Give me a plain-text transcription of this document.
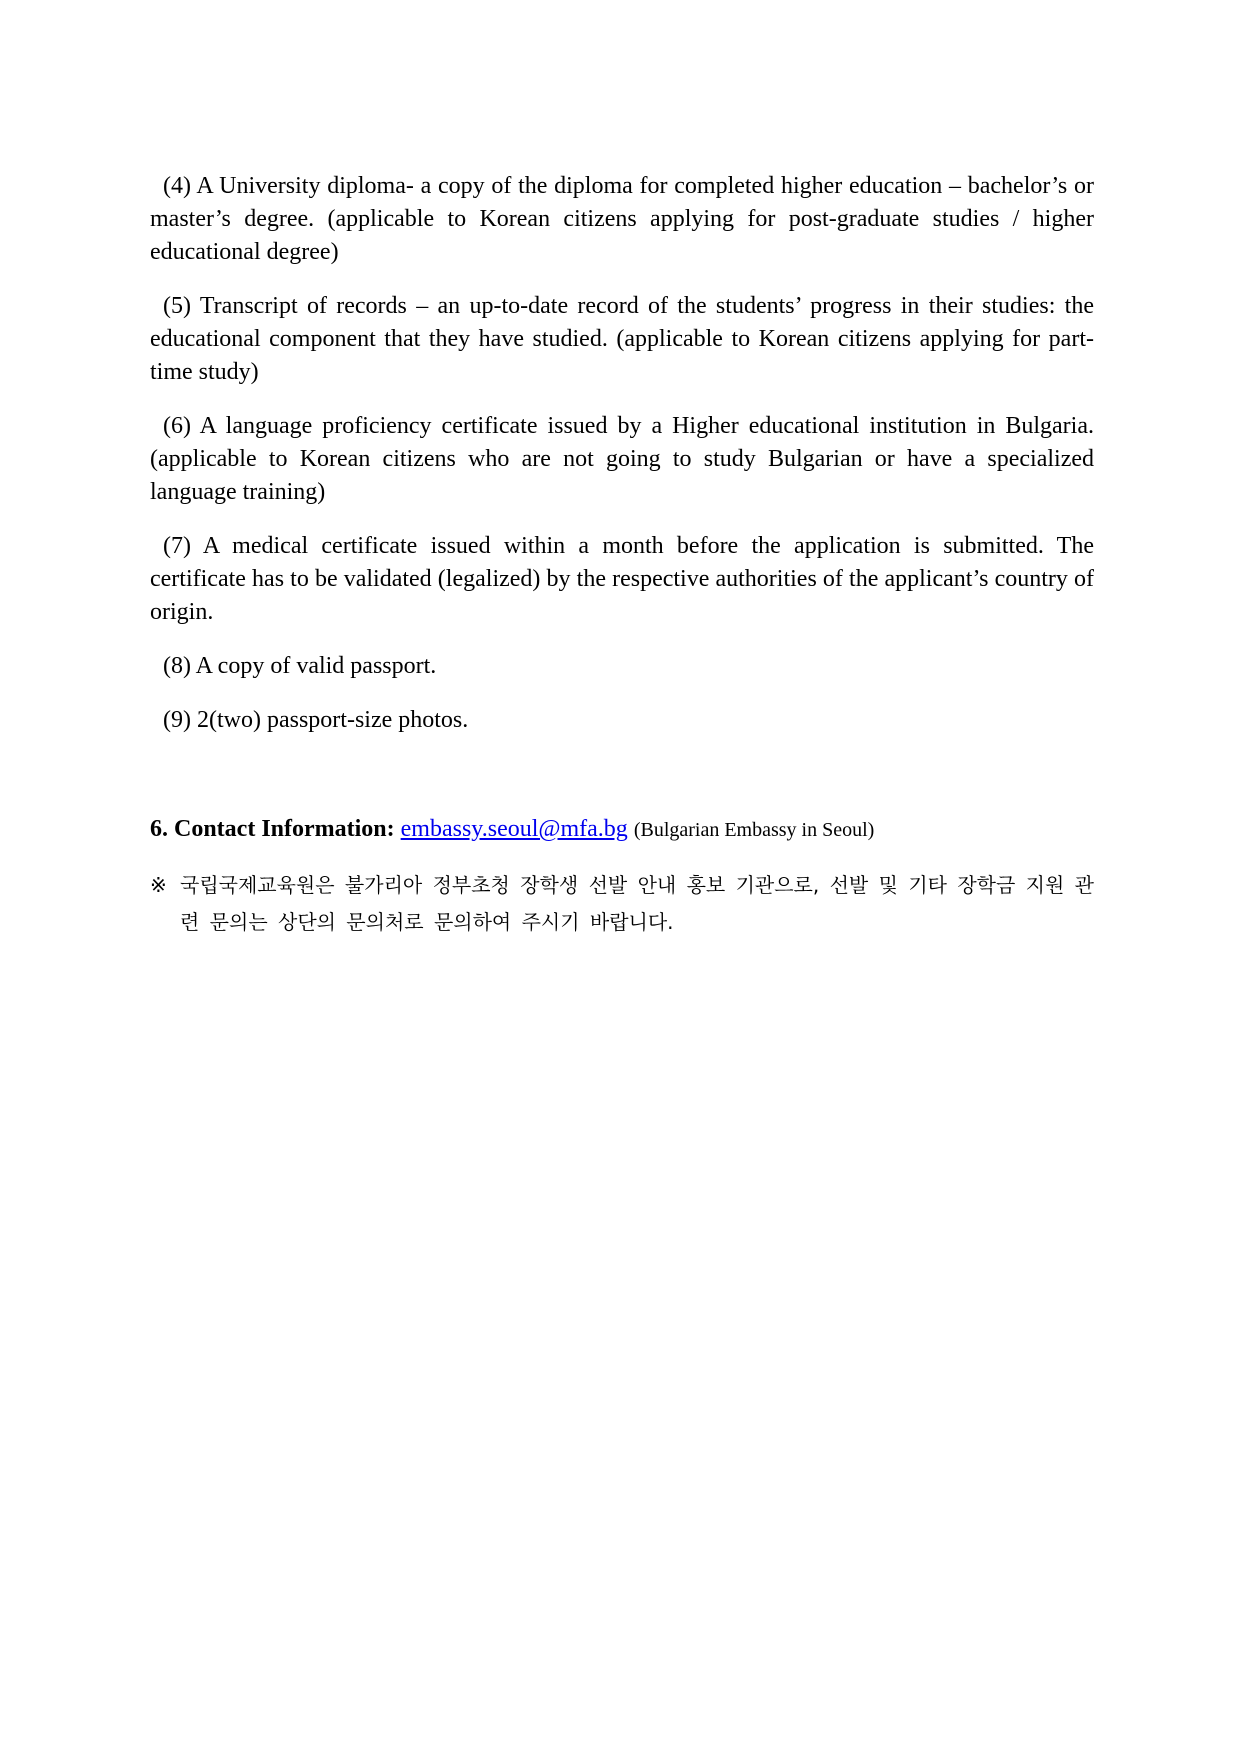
(4) A University diploma- a copy of the diploma for completed higher education – bachelor’s or master’s degree. (applicable to Korean citizens applying for post-graduate studies / higher educational degree)

(5) Transcript of records – an up-to-date record of the students’ progress in their studies: the educational component that they have studied. (applicable to Korean citizens applying for part-time study)

(6) A language proficiency certificate issued by a Higher educational institution in Bulgaria. (applicable to Korean citizens who are not going to study Bulgarian or have a specialized language training)

(7) A medical certificate issued within a month before the application is submitted. The certificate has to be validated (legalized) by the respective authorities of the applicant’s country of origin.

(8) A copy of valid passport.

(9) 2(two) passport-size photos.

6. Contact Information: embassy.seoul@mfa.bg (Bulgarian Embassy in Seoul)

※ 국립국제교육원은 불가리아 정부초청 장학생 선발 안내 홍보 기관으로, 선발 및 기타 장학금 지원 관련 문의는 상단의 문의처로 문의하여 주시기 바랍니다.
